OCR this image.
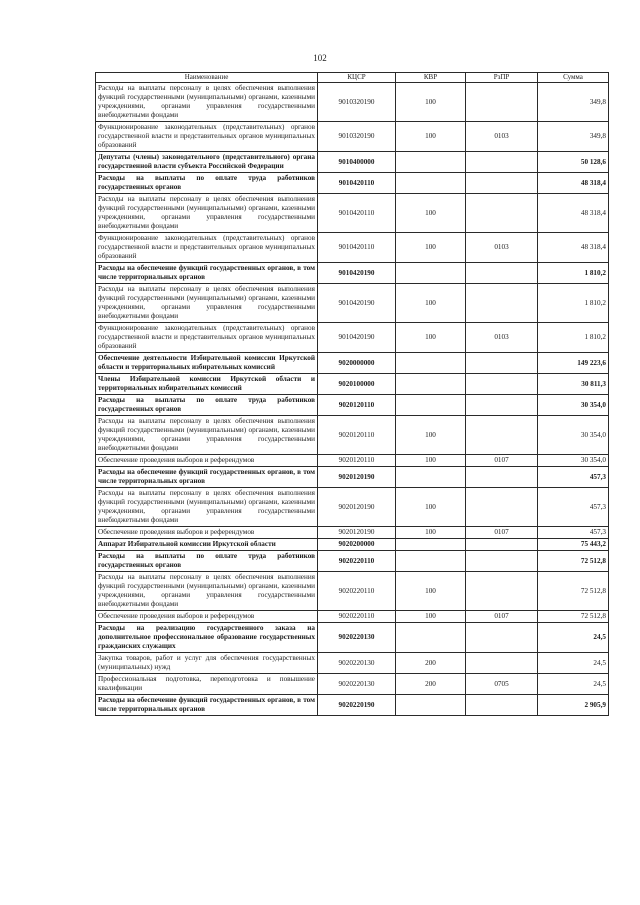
102
Наименование	КЦСР	КВР	РзПР	Сумма
Расходы на выплаты персоналу в целях обеспечения выполнения функций государственными (муниципальными) органами, казенными учреждениями, органами управления государственными внебюджетными фондами	9010320190	100		349,8
Функционирование законодательных (представительных) органов государственной власти и представительных органов муниципальных образований	9010320190	100	0103	349,8
Депутаты (члены) законодательного (представительного) органа государственной власти субъекта Российской Федерации	9010400000			50 128,6
Расходы на выплаты по оплате труда работников государственных органов	9010420110			48 318,4
Расходы на выплаты персоналу в целях обеспечения выполнения функций государственными (муниципальными) органами, казенными учреждениями, органами управления государственными внебюджетными фондами	9010420110	100		48 318,4
Функционирование законодательных (представительных) органов государственной власти и представительных органов муниципальных образований	9010420110	100	0103	48 318,4
Расходы на обеспечение функций государственных органов, в том числе территориальных органов	9010420190			1 810,2
Расходы на выплаты персоналу в целях обеспечения выполнения функций государственными (муниципальными) органами, казенными учреждениями, органами управления государственными внебюджетными фондами	9010420190	100		1 810,2
Функционирование законодательных (представительных) органов государственной власти и представительных органов муниципальных образований	9010420190	100	0103	1 810,2
Обеспечение деятельности Избирательной комиссии Иркутской области и территориальных избирательных комиссий	9020000000			149 223,6
Члены Избирательной комиссии Иркутской области и территориальных избирательных комиссий	9020100000			30 811,3
Расходы на выплаты по оплате труда работников государственных органов	9020120110			30 354,0
Расходы на выплаты персоналу в целях обеспечения выполнения функций государственными (муниципальными) органами, казенными учреждениями, органами управления государственными внебюджетными фондами	9020120110	100		30 354,0
Обеспечение проведения выборов и референдумов	9020120110	100	0107	30 354,0
Расходы на обеспечение функций государственных органов, в том числе территориальных органов	9020120190			457,3
Расходы на выплаты персоналу в целях обеспечения выполнения функций государственными (муниципальными) органами, казенными учреждениями, органами управления государственными внебюджетными фондами	9020120190	100		457,3
Обеспечение проведения выборов и референдумов	9020120190	100	0107	457,3
Аппарат Избирательной комиссии Иркутской области	9020200000			75 443,2
Расходы на выплаты по оплате труда работников государственных органов	9020220110			72 512,8
Расходы на выплаты персоналу в целях обеспечения выполнения функций государственными (муниципальными) органами, казенными учреждениями, органами управления государственными внебюджетными фондами	9020220110	100		72 512,8
Обеспечение проведения выборов и референдумов	9020220110	100	0107	72 512,8
Расходы на реализацию государственного заказа на дополнительное профессиональное образование государственных гражданских служащих	9020220130			24,5
Закупка товаров, работ и услуг для обеспечения государственных (муниципальных) нужд	9020220130	200		24,5
Профессиональная подготовка, переподготовка и повышение квалификации	9020220130	200	0705	24,5
Расходы на обеспечение функций государственных органов, в том числе территориальных органов	9020220190			2 905,9
